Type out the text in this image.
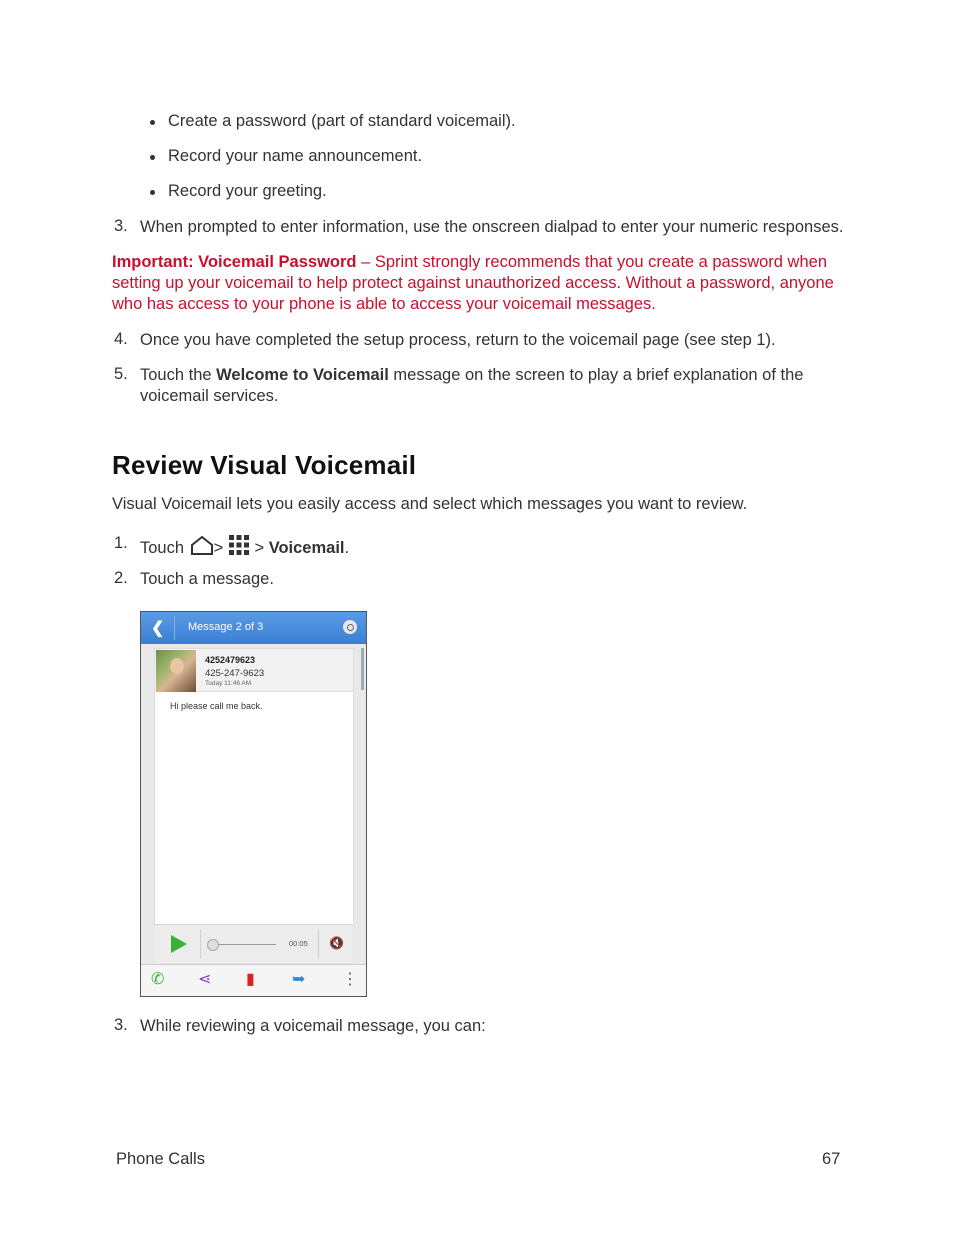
Create a password (part of standard voicemail).
Record your name announcement.
Record your greeting.
3. When prompted to enter information, use the onscreen dialpad to enter your numeric responses.
Important: Voicemail Password – Sprint strongly recommends that you create a password when setting up your voicemail to help protect against unauthorized access. Without a password, anyone who has access to your phone is able to access your voicemail messages.
4. Once you have completed the setup process, return to the voicemail page (see step 1).
5. Touch the Welcome to Voicemail message on the screen to play a brief explanation of the voicemail services.
Review Visual Voicemail
Visual Voicemail lets you easily access and select which messages you want to review.
1. Touch > > Voicemail.
2. Touch a message.
❮ Message 2 of 3
4252479623
425-247-9623
Today 11:46 AM
Hi please call me back.
00:05 🔇
✆ ⋖ ▮ ➥ ⋮
3. While reviewing a voicemail message, you can:
Phone Calls	67
